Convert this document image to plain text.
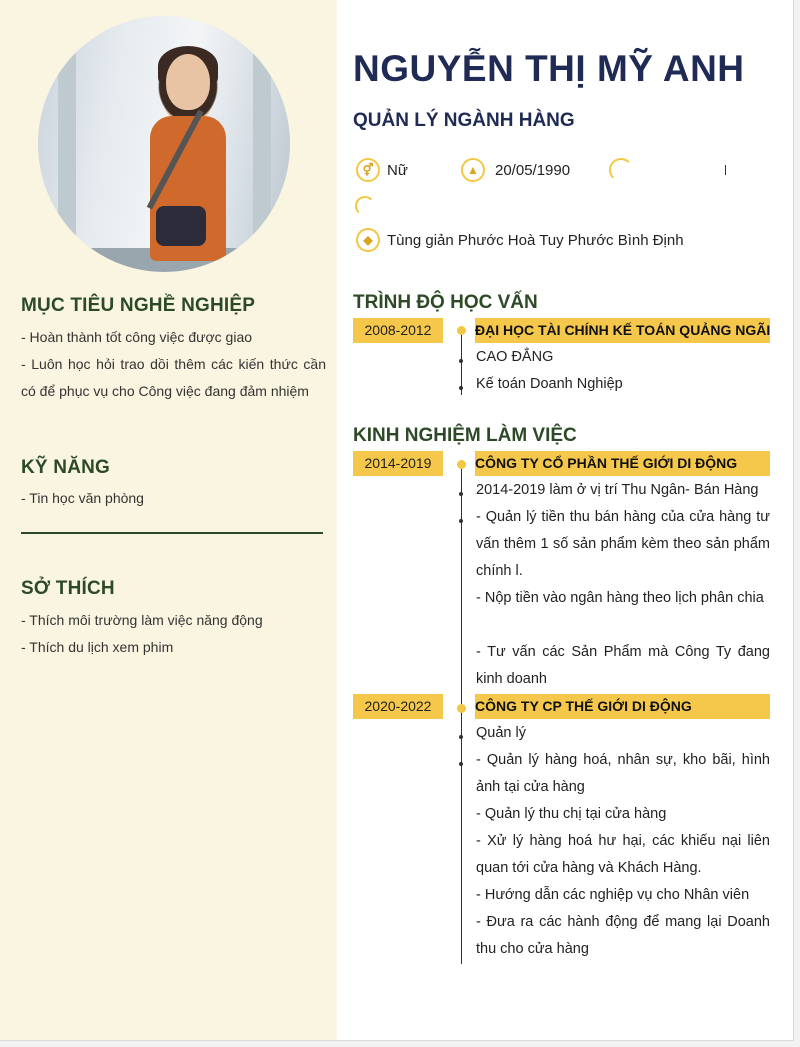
MỤC TIÊU NGHỀ NGHIỆP
- Hoàn thành tốt công việc được giao
- Luôn học hỏi trao dồi thêm các kiến thức cần có để phục vụ cho Công việc đang đảm nhiệm
KỸ NĂNG
- Tin học văn phòng
SỞ THÍCH
- Thích môi trường làm việc năng động
- Thích du lịch xem phim
NGUYỄN THỊ MỸ ANH
QUẢN LÝ NGÀNH HÀNG
⚥ Nữ	▲	20/05/1990
◆ Tùng giản Phước Hoà Tuy Phước Bình Định
TRÌNH ĐỘ HỌC VẤN
2008-2012	ĐẠI HỌC TÀI CHÍNH KẾ TOÁN QUẢNG NGÃI
CAO ĐẲNG
Kế toán Doanh Nghiệp
KINH NGHIỆM LÀM VIỆC
2014-2019	CÔNG TY CỔ PHẦN THẾ GIỚI DI ĐỘNG
2014-2019 làm ở vị trí Thu Ngân- Bán Hàng
- Quản lý tiền thu bán hàng của cửa hàng tư vấn thêm 1 số sản phẩm kèm theo sản phẩm chính l.
- Nộp tiền vào ngân hàng theo lịch phân chia
- Tư vấn các Sản Phẩm mà Công Ty đang kinh doanh
2020-2022	CÔNG TY CP THẾ GIỚI DI ĐỘNG
Quản lý
- Quản lý hàng hoá, nhân sự, kho bãi, hình ảnh tại cửa hàng
- Quản lý thu chị tại cửa hàng
- Xử lý hàng hoá hư hại, các khiếu nại liên quan tới cửa hàng và Khách Hàng.
- Hướng dẫn các nghiệp vụ cho Nhân viên
- Đưa ra các hành động để mang lại Doanh thu cho cửa hàng
